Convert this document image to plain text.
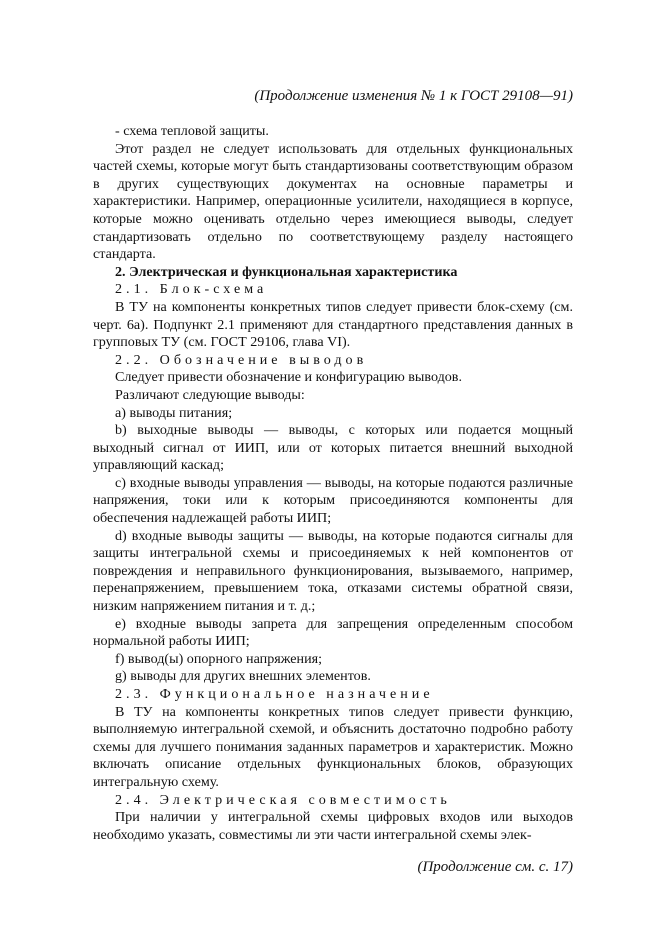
(Продолжение изменения № 1 к ГОСТ 29108—91)

- схема тепловой защиты.

Этот раздел не следует использовать для отдельных функциональных частей схемы, которые могут быть стандартизованы соответствующим образом в других существующих документах на основные параметры и характеристики. Например, операционные усилители, находящиеся в корпусе, которые можно оценивать отдельно через имеющиеся выводы, следует стандартизовать отдельно по соответствующему разделу настоящего стандарта.

2. Электрическая и функциональная характеристика

2.1. Блок-схема

В ТУ на компоненты конкретных типов следует привести блок-схему (см. черт. 6а). Подпункт 2.1 применяют для стандартного представления данных в групповых ТУ (см. ГОСТ 29106, глава VI).

2.2. Обозначение выводов

Следует привести обозначение и конфигурацию выводов.

Различают следующие выводы:

a) выводы питания;

b) выходные выводы — выводы, с которых или подается мощный выходный сигнал от ИИП, или от которых питается внешний выходной управляющий каскад;

c) входные выводы управления — выводы, на которые подаются различные напряжения, токи или к которым присоединяются компоненты для обеспечения надлежащей работы ИИП;

d) входные выводы защиты — выводы, на которые подаются сигналы для защиты интегральной схемы и присоединяемых к ней компонентов от повреждения и неправильного функционирования, вызываемого, например, перенапряжением, превышением тока, отказами системы обратной связи, низким напряжением питания и т. д.;

e) входные выводы запрета для запрещения определенным способом нормальной работы ИИП;

f) вывод(ы) опорного напряжения;

g) выводы для других внешних элементов.

2.3. Функциональное назначение

В ТУ на компоненты конкретных типов следует привести функцию, выполняемую интегральной схемой, и объяснить достаточно подробно работу схемы для лучшего понимания заданных параметров и характеристик. Можно включать описание отдельных функциональных блоков, образующих интегральную схему.

2.4. Электрическая совместимость

При наличии у интегральной схемы цифровых входов или выходов необходимо указать, совместимы ли эти части интегральной схемы элек-

(Продолжение см. с. 17)
